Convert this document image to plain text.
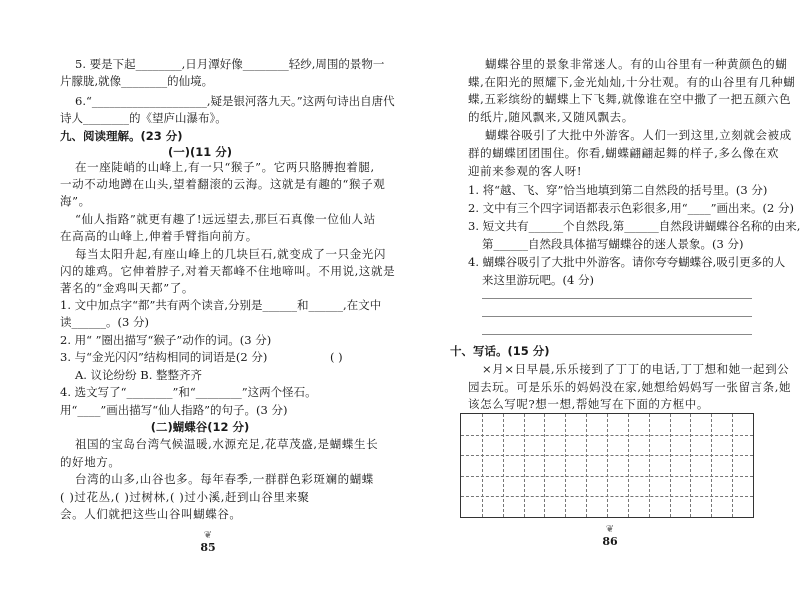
5. 要是下起________,日月潭好像________轻纱,周围的景物一
片朦胧,就像________的仙境。
6.“____________________,疑是银河落九天。”这两句诗出自唐代
诗人________的《望庐山瀑布》。
九、阅读理解。(23 分)
(一)(11 分)
在一座陡峭的山峰上,有一只“猴子”。它两只胳膊抱着腿,
一动不动地蹲在山头,望着翻滚的云海。这就是有趣的“猴子观
海”。
“仙人指路”就更有趣了!远远望去,那巨石真像一位仙人站
在高高的山峰上,伸着手臂指向前方。
每当太阳升起,有座山峰上的几块巨石,就变成了一只金光闪
闪的雄鸡。它伸着脖子,对着天都峰不住地啼叫。不用说,这就是
著名的“金鸡叫天都”了。
1. 文中加点字“都”共有两个读音,分别是______和______,在文中
读______。(3 分)
2. 用“ ”圈出描写“猴子”动作的词。(3 分)
3. 与“金光闪闪”结构相同的词语是(2 分)	( )
A. 议论纷纷 B. 整整齐齐
4. 选文写了“________”和“________”这两个怪石。
用“____”画出描写“仙人指路”的句子。(3 分)
(二)蝴蝶谷(12 分)
祖国的宝岛台湾气候温暖,水源充足,花草茂盛,是蝴蝶生长
的好地方。
台湾的山多,山谷也多。每年春季,一群群色彩斑斓的蝴蝶
( )过花丛,( )过树林,( )过小溪,赶到山谷里来聚
会。人们就把这些山谷叫蝴蝶谷。
❦
85
蝴蝶谷里的景象非常迷人。有的山谷里有一种黄颜色的蝴
蝶,在阳光的照耀下,金光灿灿,十分壮观。有的山谷里有几种蝴
蝶,五彩缤纷的蝴蝶上下飞舞,就像谁在空中撒了一把五颜六色
的纸片,随风飘来,又随风飘去。
蝴蝶谷吸引了大批中外游客。人们一到这里,立刻就会被成
群的蝴蝶团团围住。你看,蝴蝶翩翩起舞的样子,多么像在欢
迎前来参观的客人呀!
1. 将“越、飞、穿”恰当地填到第二自然段的括号里。(3 分)
2. 文中有三个四字词语都表示色彩很多,用“____”画出来。(2 分)
3. 短文共有______个自然段,第______自然段讲蝴蝶谷名称的由来,
第______自然段具体描写蝴蝶谷的迷人景象。(3 分)
4. 蝴蝶谷吸引了大批中外游客。请你夸夸蝴蝶谷,吸引更多的人
来这里游玩吧。(4 分)
十、写话。(15 分)
×月×日早晨,乐乐接到了丁丁的电话,丁丁想和她一起到公
园去玩。可是乐乐的妈妈没在家,她想给妈妈写一张留言条,她
该怎么写呢?想一想,帮她写在下面的方框中。
❦
86
